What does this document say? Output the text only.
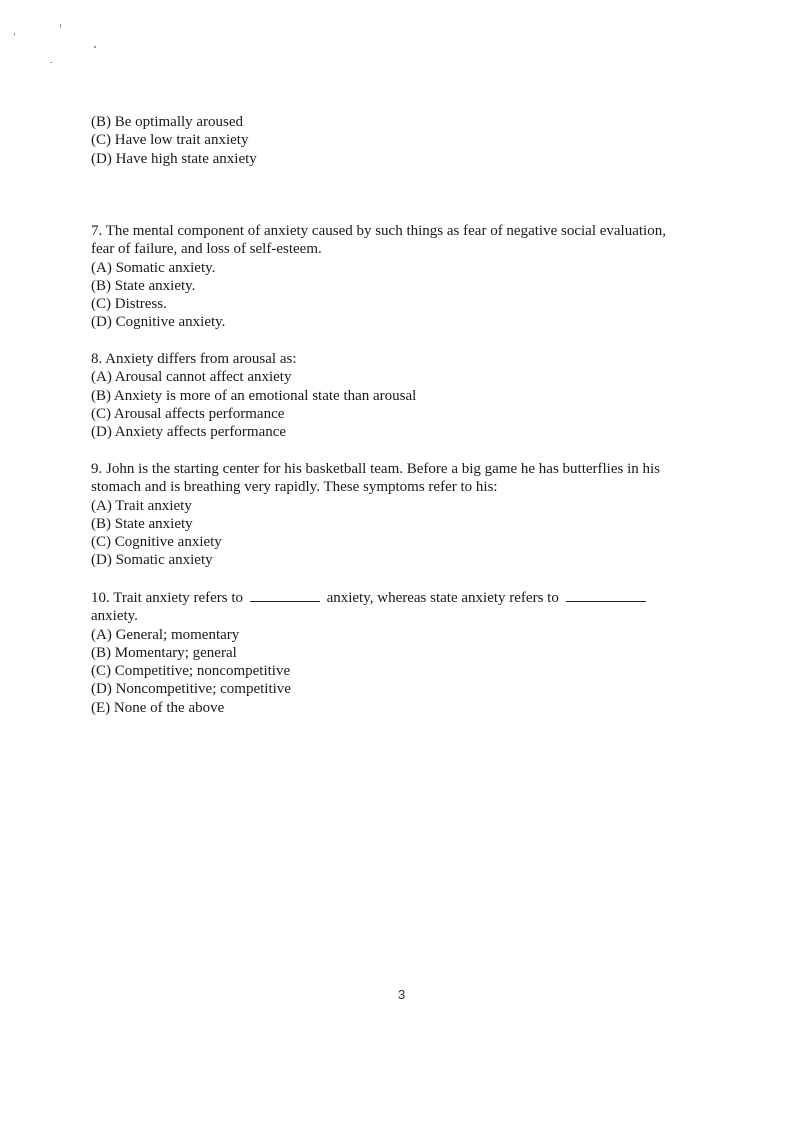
(B) Be optimally aroused
(C) Have low trait anxiety
(D) Have high state anxiety
7. The mental component of anxiety caused by such things as fear of negative social evaluation,
fear of failure, and loss of self-esteem.
(A) Somatic anxiety.
(B) State anxiety.
(C) Distress.
(D) Cognitive anxiety.
8. Anxiety differs from arousal as:
(A) Arousal cannot affect anxiety
(B) Anxiety is more of an emotional state than arousal
(C) Arousal affects performance
(D) Anxiety affects performance
9. John is the starting center for his basketball team. Before a big game he has butterflies in his
stomach and is breathing very rapidly. These symptoms refer to his:
(A) Trait anxiety
(B) State anxiety
(C) Cognitive anxiety
(D) Somatic anxiety
10. Trait anxiety refers to	anxiety, whereas state anxiety refers to
anxiety.
(A) General; momentary
(B) Momentary; general
(C) Competitive; noncompetitive
(D) Noncompetitive; competitive
(E) None of the above
3
